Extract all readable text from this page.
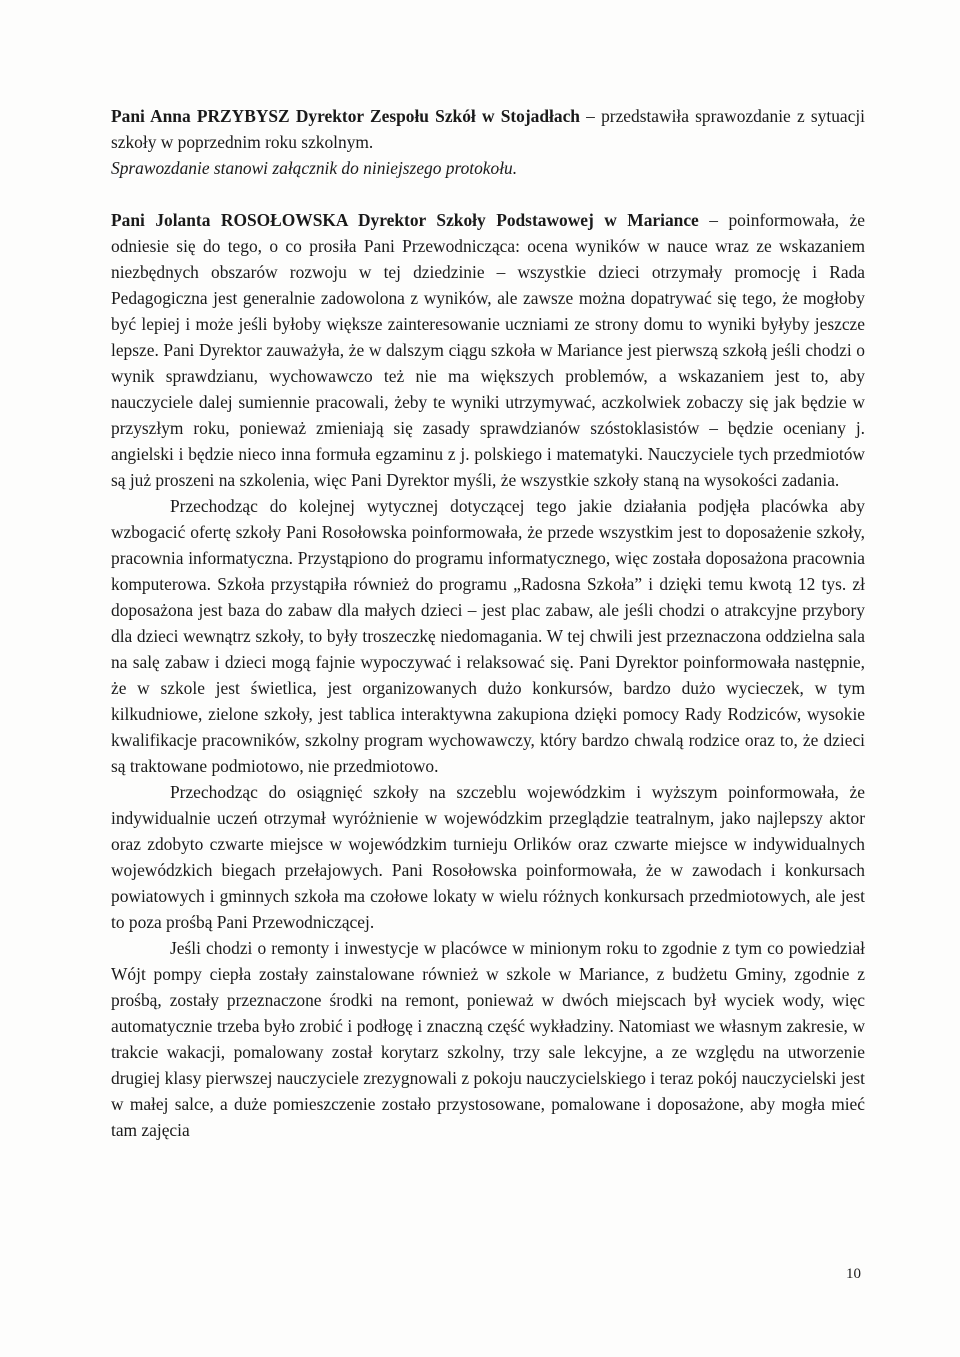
Pani Anna PRZYBYSZ Dyrektor Zespołu Szkół w Stojadłach – przedstawiła sprawozdanie z sytuacji szkoły w poprzednim roku szkolnym.

Sprawozdanie stanowi załącznik do niniejszego protokołu.

Pani Jolanta ROSOŁOWSKA Dyrektor Szkoły Podstawowej w Mariance – poinformowała, że odniesie się do tego, o co prosiła Pani Przewodnicząca: ocena wyników w nauce wraz ze wskazaniem niezbędnych obszarów rozwoju w tej dziedzinie – wszystkie dzieci otrzymały promocję i Rada Pedagogiczna jest generalnie zadowolona z wyników, ale zawsze można dopatrywać się tego, że mogłoby być lepiej i może jeśli byłoby większe zainteresowanie uczniami ze strony domu to wyniki byłyby jeszcze lepsze. Pani Dyrektor zauważyła, że w dalszym ciągu szkoła w Mariance jest pierwszą szkołą jeśli chodzi o wynik sprawdzianu, wychowawczo też nie ma większych problemów, a wskazaniem jest to, aby nauczyciele dalej sumiennie pracowali, żeby te wyniki utrzymywać, aczkolwiek zobaczy się jak będzie w przyszłym roku, ponieważ zmieniają się zasady sprawdzianów szóstoklasistów – będzie oceniany j. angielski i będzie nieco inna formuła egzaminu z j. polskiego i matematyki. Nauczyciele tych przedmiotów są już proszeni na szkolenia, więc Pani Dyrektor myśli, że wszystkie szkoły staną na wysokości zadania.

Przechodząc do kolejnej wytycznej dotyczącej tego jakie działania podjęła placówka aby wzbogacić ofertę szkoły Pani Rosołowska poinformowała, że przede wszystkim jest to doposażenie szkoły, pracownia informatyczna. Przystąpiono do programu informatycznego, więc została doposażona pracownia komputerowa. Szkoła przystąpiła również do programu „Radosna Szkoła” i dzięki temu kwotą 12 tys. zł doposażona jest baza do zabaw dla małych dzieci – jest plac zabaw, ale jeśli chodzi o atrakcyjne przybory dla dzieci wewnątrz szkoły, to były troszeczkę niedomagania. W tej chwili jest przeznaczona oddzielna sala na salę zabaw i dzieci mogą fajnie wypoczywać i relaksować się. Pani Dyrektor poinformowała następnie, że w szkole jest świetlica, jest organizowanych dużo konkursów, bardzo dużo wycieczek, w tym kilkudniowe, zielone szkoły, jest tablica interaktywna zakupiona dzięki pomocy Rady Rodziców, wysokie kwalifikacje pracowników, szkolny program wychowawczy, który bardzo chwalą rodzice oraz to, że dzieci są traktowane podmiotowo, nie przedmiotowo.

Przechodząc do osiągnięć szkoły na szczeblu wojewódzkim i wyższym poinformowała, że indywidualnie uczeń otrzymał wyróżnienie w wojewódzkim przeglądzie teatralnym, jako najlepszy aktor oraz zdobyto czwarte miejsce w wojewódzkim turnieju Orlików oraz czwarte miejsce w indywidualnych wojewódzkich biegach przełajowych. Pani Rosołowska poinformowała, że w zawodach i konkursach powiatowych i gminnych szkoła ma czołowe lokaty w wielu różnych konkursach przedmiotowych, ale jest to poza prośbą Pani Przewodniczącej.

Jeśli chodzi o remonty i inwestycje w placówce w minionym roku to zgodnie z tym co powiedział Wójt pompy ciepła zostały zainstalowane również w szkole w Mariance, z budżetu Gminy, zgodnie z prośbą, zostały przeznaczone środki na remont, ponieważ w dwóch miejscach był wyciek wody, więc automatycznie trzeba było zrobić i podłogę i znaczną część wykładziny. Natomiast we własnym zakresie, w trakcie wakacji, pomalowany został korytarz szkolny, trzy sale lekcyjne, a ze względu na utworzenie drugiej klasy pierwszej nauczyciele zrezygnowali z pokoju nauczycielskiego i teraz pokój nauczycielski jest w małej salce, a duże pomieszczenie zostało przystosowane, pomalowane i doposażone, aby mogła mieć tam zajęcia

10
